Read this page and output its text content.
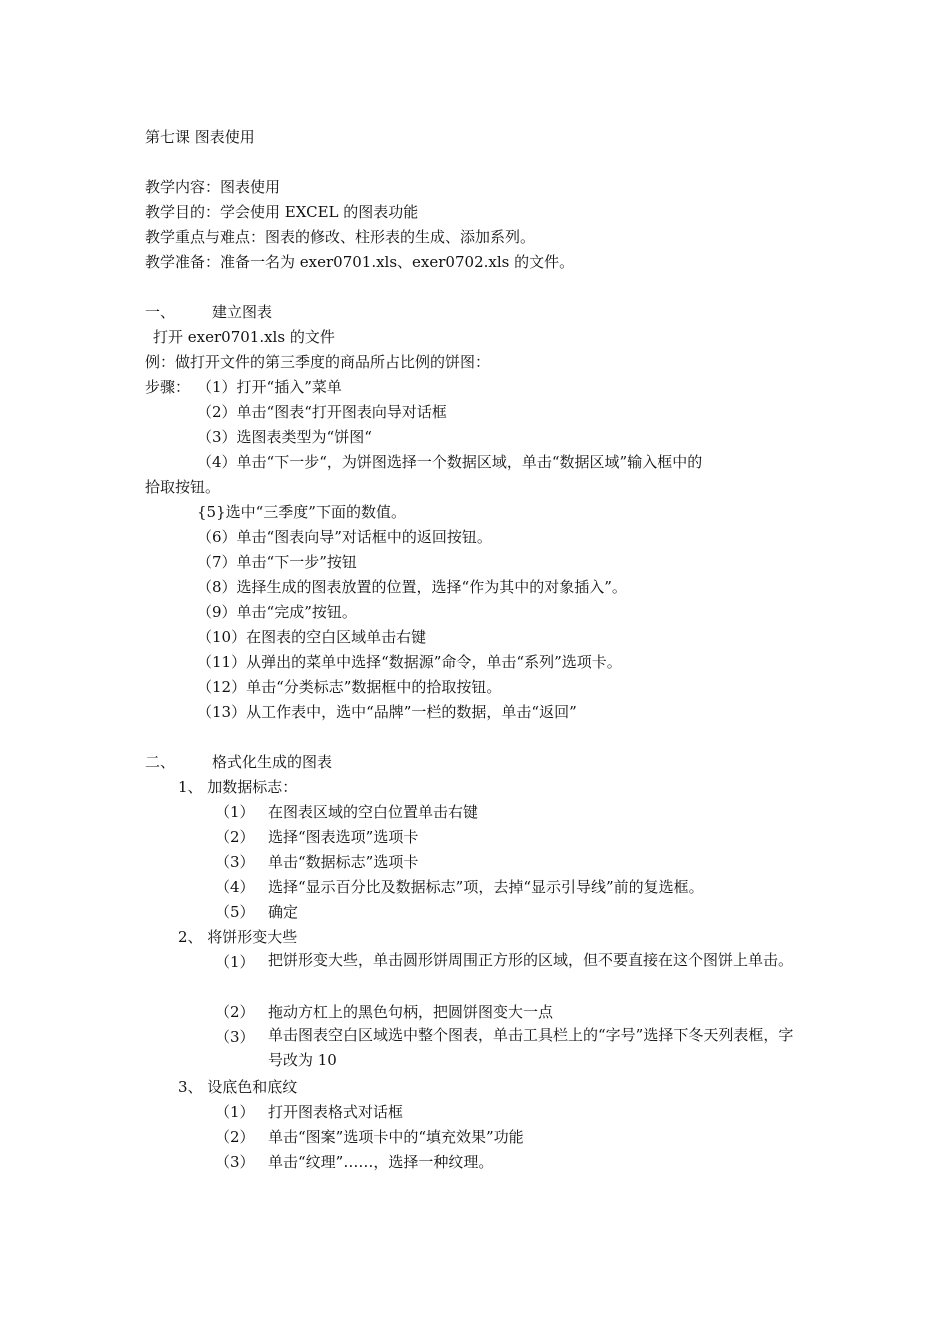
第七课 图表使用
教学内容：图表使用
教学目的：学会使用 EXCEL 的图表功能
教学重点与难点：图表的修改、柱形表的生成、添加系列。
教学准备：准备一名为 exer0701.xls、exer0702.xls 的文件。
一、 建立图表
打开 exer0701.xls 的文件
例：做打开文件的第三季度的商品所占比例的饼图：
步骤： （1）打开“插入”菜单
（2）单击“图表“打开图表向导对话框
（3）选图表类型为“饼图“
（4）单击“下一步“，为饼图选择一个数据区域，单击“数据区域”输入框中的
拾取按钮。
{5}选中“三季度”下面的数值。
（6）单击“图表向导”对话框中的返回按钮。
（7）单击“下一步”按钮
（8）选择生成的图表放置的位置，选择“作为其中的对象插入”。
（9）单击“完成”按钮。
（10）在图表的空白区域单击右键
（11）从弹出的菜单中选择“数据源”命令，单击“系列”选项卡。
（12）单击“分类标志”数据框中的拾取按钮。
（13）从工作表中，选中“品牌”一栏的数据，单击“返回”
二、 格式化生成的图表
1、 加数据标志：
（1） 在图表区域的空白位置单击右键
（2） 选择“图表选项”选项卡
（3） 单击“数据标志”选项卡
（4） 选择“显示百分比及数据标志”项，去掉“显示引导线”前的复选框。
（5） 确定
2、 将饼形变大些
（1） 把饼形变大些，单击圆形饼周围正方形的区域，但不要直接在这个图饼上单击。
（2） 拖动方杠上的黑色句柄，把圆饼图变大一点
（3） 单击图表空白区域选中整个图表，单击工具栏上的“字号”选择下冬天列表框，字号改为 10
3、 设底色和底纹
（1） 打开图表格式对话框
（2） 单击“图案”选项卡中的“填充效果”功能
（3） 单击“纹理”……，选择一种纹理。
